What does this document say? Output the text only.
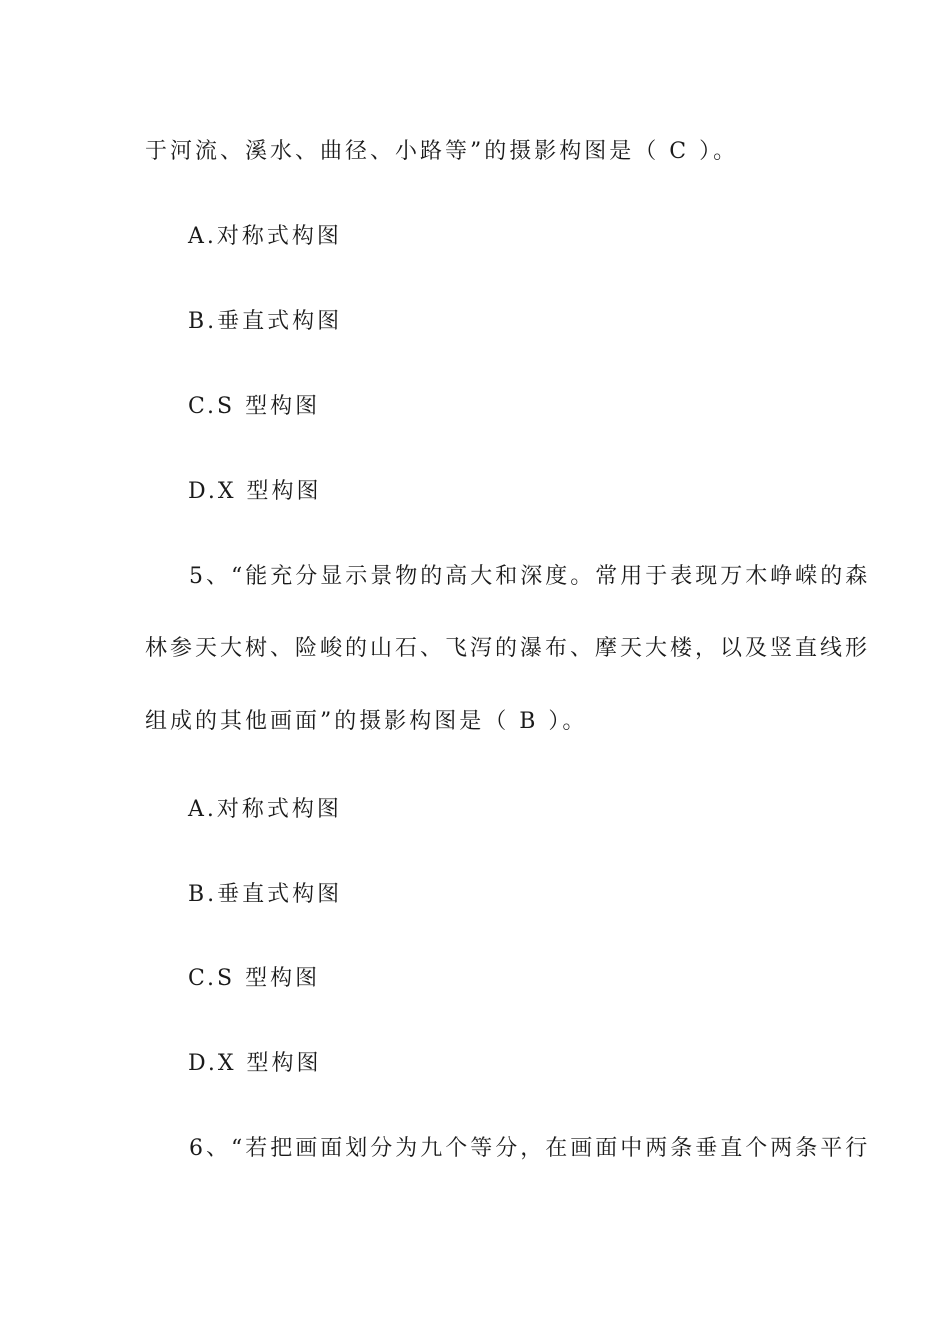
于河流、溪水、曲径、小路等”的摄影构图是（ C ）。
A.对称式构图
B.垂直式构图
C.S 型构图
D.X 型构图
5、“能充分显示景物的高大和深度。常用于表现万木峥嵘的森
林参天大树、险峻的山石、飞泻的瀑布、摩天大楼，以及竖直线形
组成的其他画面”的摄影构图是（ B ）。
A.对称式构图
B.垂直式构图
C.S 型构图
D.X 型构图
6、“若把画面划分为九个等分，在画面中两条垂直个两条平行
